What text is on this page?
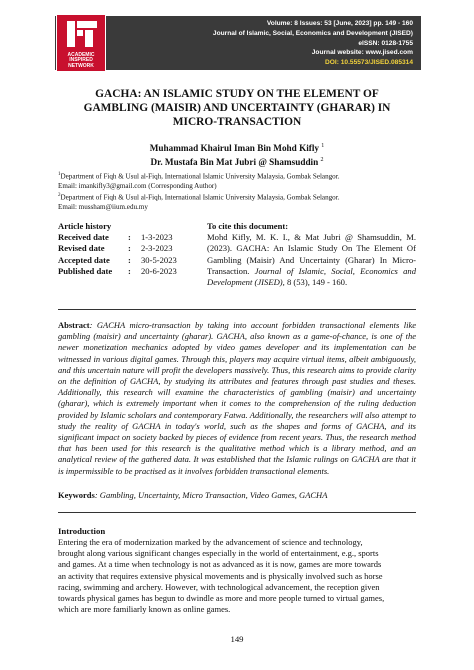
Volume: 8 Issues: 53 [June, 2023] pp. 149 - 160
Journal of Islamic, Social, Economics and Development (JISED)
eISSN: 0128-1755
Journal website: www.jised.com
DOI: 10.55573/JISED.085314
ACADEMIC
INSPIRED
NETWORK
GACHA: AN ISLAMIC STUDY ON THE ELEMENT OF
GAMBLING (MAISIR) AND UNCERTAINTY (GHARAR) IN
MICRO-TRANSACTION
Muhammad Khairul Iman Bin Mohd Kifly $^1$
Dr. Mustafa Bin Mat Jubri @ Shamsuddin $^2$
$^1$Department of Fiqh & Usul al-Fiqh, International Islamic University Malaysia, Gombak Selangor.
Email: imankifly3@gmail.com (Corresponding Author)
$^2$Department of Fiqh & Usul al-Fiqh, International Islamic University Malaysia, Gombak Selangor.
Email: mussham@iium.edu.my
Article history
Received date : 1-3-2023
Revised date	: 2-3-2023
Accepted date : 30-5-2023
Published date : 20-6-2023
To cite this document:
Mohd Kifly, M. K. I., & Mat Jubri @ Shamsuddin, M. (2023). GACHA: An Islamic Study On The Element Of Gambling (Maisir) And Uncertainty (Gharar) In Micro-Transaction. Journal of Islamic, Social, Economics and Development (JISED), 8 (53), 149 - 160.
Abstract: GACHA micro-transaction by taking into account forbidden transactional elements like gambling (maisir) and uncertainty (gharar). GACHA, also known as a game-of-chance, is one of the newer monetization mechanics adopted by video games developer and its implementation can be witnessed in various digital games. Through this, players may acquire virtual items, albeit ambiguously, and this uncertain nature will profit the developers massively. Thus, this research aims to provide clarity on the definition of GACHA, by studying its attributes and features through past studies and theses. Additionally, this research will examine the characteristics of gambling (maisir) and uncertainty (gharar), which is extremely important when it comes to the comprehension of the ruling deduction provided by Islamic scholars and contemporary Fatwa. Additionally, the researchers will also attempt to study the reality of GACHA in today's world, such as the shapes and forms of GACHA, and its significant impact on society backed by pieces of evidence from recent years. Thus, the research method that has been used for this research is the qualitative method which is a library method, and an analytical review of the gathered data. It was established that the Islamic rulings on GACHA are that it is impermissible to be practised as it involves forbidden transactional elements.
Keywords: Gambling, Uncertainty, Micro Transaction, Video Games, GACHA
Introduction
Entering the era of modernization marked by the advancement of science and technology,
brought along various significant changes especially in the world of entertainment, e.g., sports
and games. At a time when technology is not as advanced as it is now, games are more towards
an activity that requires extensive physical movements and is physically involved such as horse
racing, swimming and archery. However, with technological advancement, the reception given
towards physical games has begun to dwindle as more and more people turned to virtual games,
which are more familiarly known as online games.
149
